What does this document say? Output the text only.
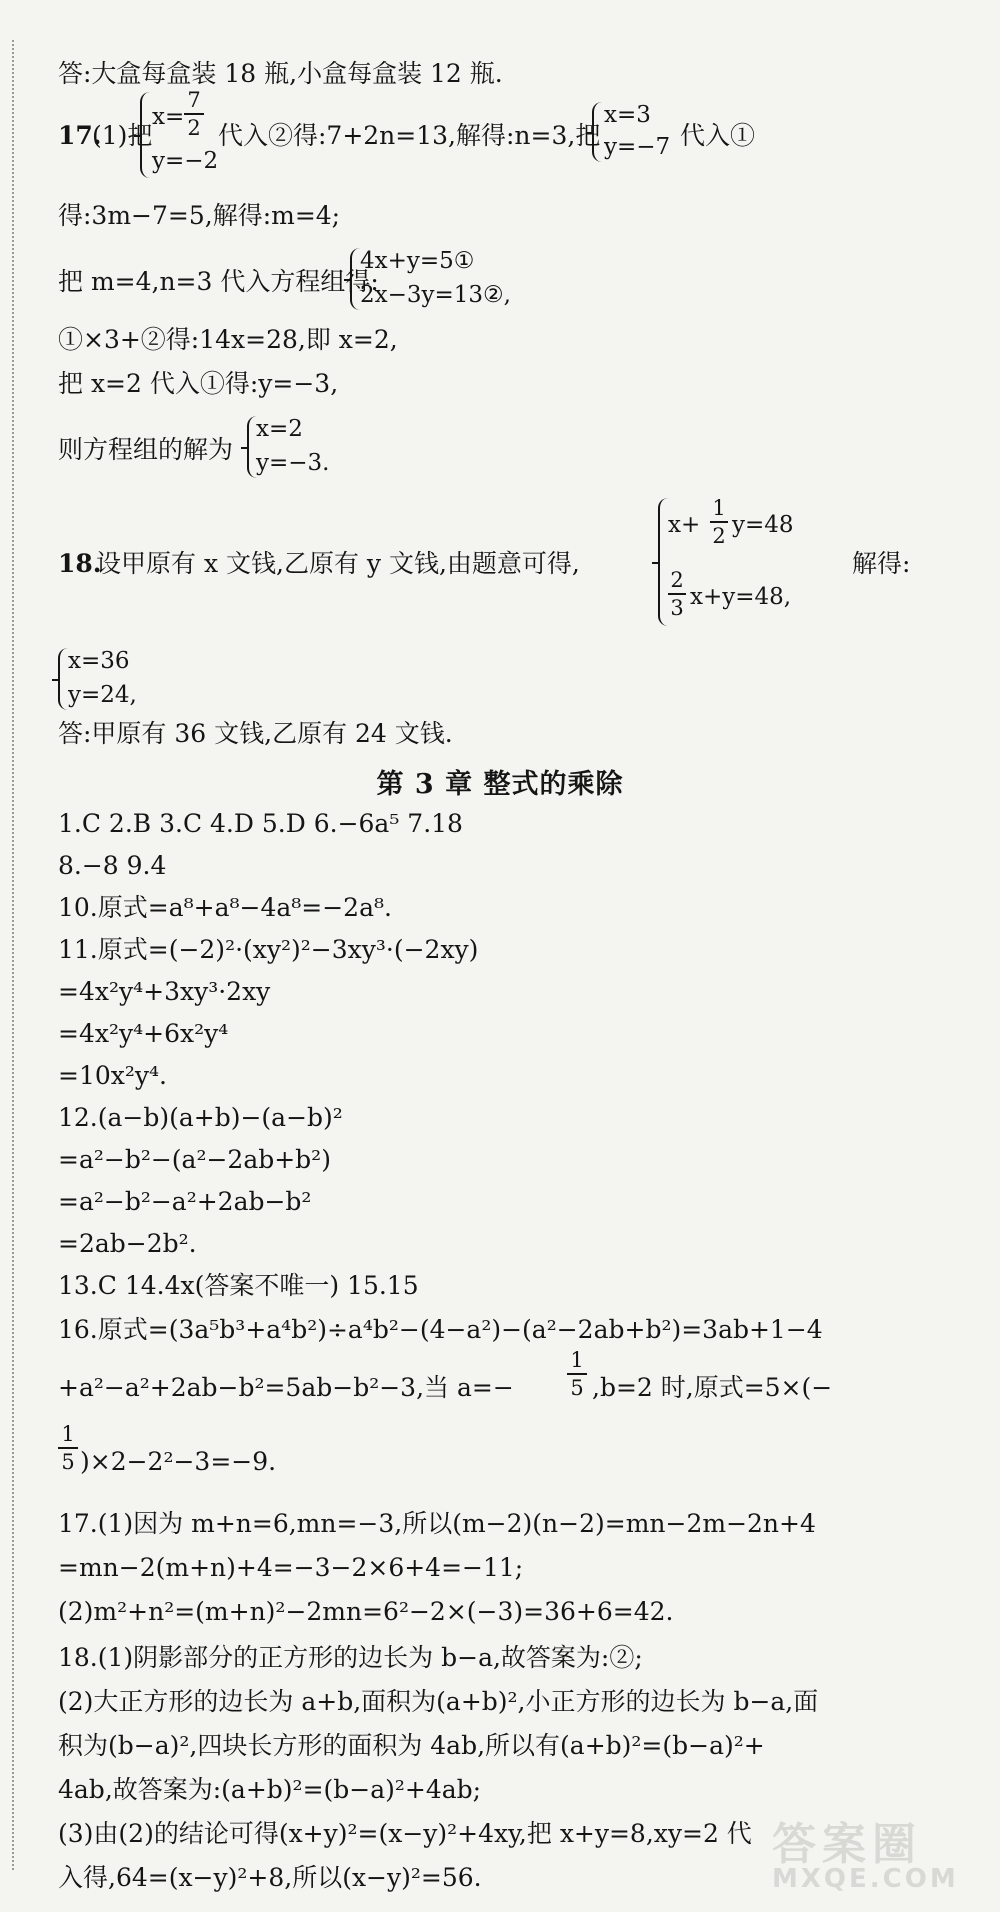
答:大盒每盒装 18 瓶,小盒每盒装 12 瓶.
17.
(1)把
x=
7
2
y=−2
代入②得:7+2n=13,解得:n=3,把
x=3
y=−7 代入①
得:3m−7=5,解得:m=4;
把 m=4,n=3 代入方程组得:
4x+y=5①
2x−3y=13②,
①×3+②得:14x=28,即 x=2,
把 x=2 代入①得:y=−3,
则方程组的解为
x=2
y=−3.
18.
设甲原有 x 文钱,乙原有 y 文钱,由题意可得,
x+
1
2 y=48
2
3 x+y=48,
解得:
x=36
y=24,
答:甲原有 36 文钱,乙原有 24 文钱.
第 3 章 整式的乘除
1.C 2.B 3.C 4.D 5.D 6.−6a⁵ 7.18
8.−8 9.4
10.原式=a⁸+a⁸−4a⁸=−2a⁸.
11.原式=(−2)²·(xy²)²−3xy³·(−2xy)
=4x²y⁴+3xy³·2xy
=4x²y⁴+6x²y⁴
=10x²y⁴.
12.(a−b)(a+b)−(a−b)²
=a²−b²−(a²−2ab+b²)
=a²−b²−a²+2ab−b²
=2ab−2b².
13.C 14.4x(答案不唯一) 15.15
16.原式=(3a⁵b³+a⁴b²)÷a⁴b²−(4−a²)−(a²−2ab+b²)=3ab+1−4
+a²−a²+2ab−b²=5ab−b²−3,当 a=−
1
5 ,b=2 时,原式=5×(−
1
5 )×2−2²−3=−9.
17.(1)因为 m+n=6,mn=−3,所以(m−2)(n−2)=mn−2m−2n+4
=mn−2(m+n)+4=−3−2×6+4=−11;
(2)m²+n²=(m+n)²−2mn=6²−2×(−3)=36+6=42.
18.(1)阴影部分的正方形的边长为 b−a,故答案为:②;
(2)大正方形的边长为 a+b,面积为(a+b)²,小正方形的边长为 b−a,面
积为(b−a)²,四块长方形的面积为 4ab,所以有(a+b)²=(b−a)²+
4ab,故答案为:(a+b)²=(b−a)²+4ab;
(3)由(2)的结论可得(x+y)²=(x−y)²+4xy,把 x+y=8,xy=2 代
入得,64=(x−y)²+8,所以(x−y)²=56.
答案圈
MXQE.COM
